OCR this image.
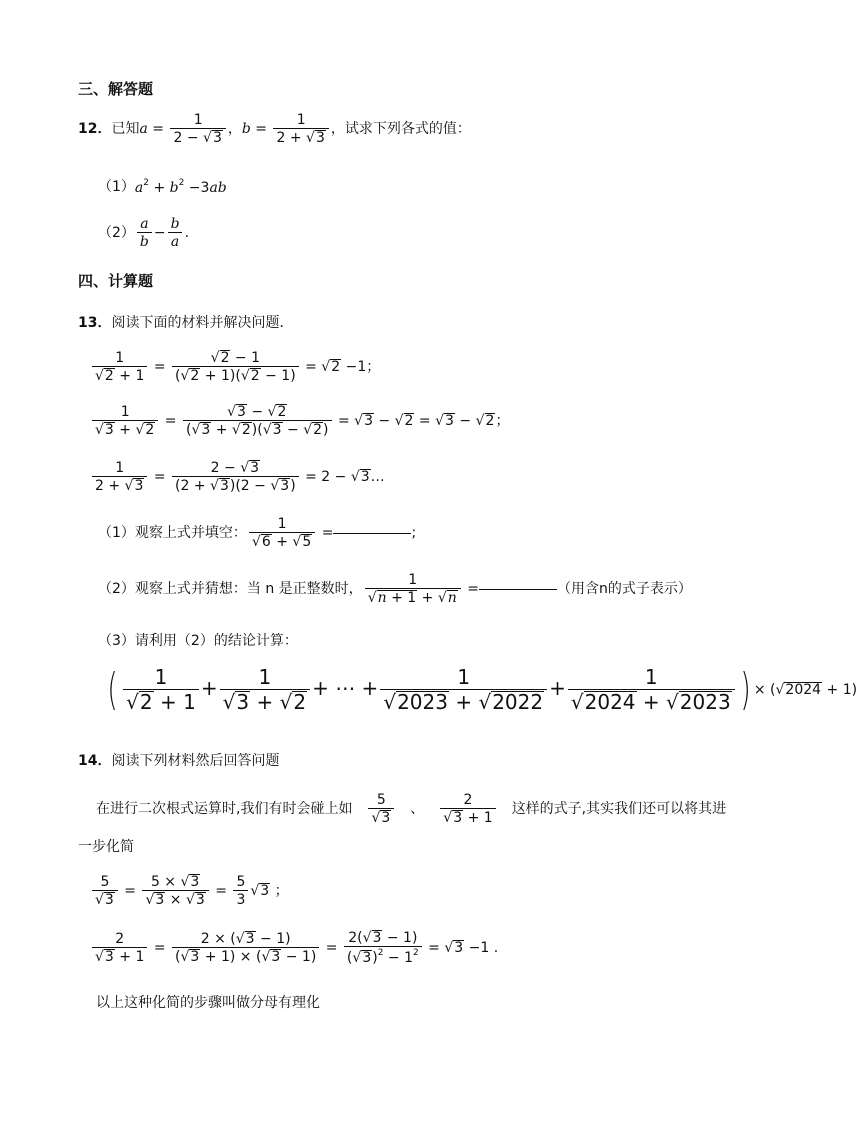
三、解答题
12．已知$a = \frac{1}{2 - √3}$ ，$b = \frac{1}{2 + √3}$ ，试求下列各式的值：
$(1)a^2 + b^2 -3ab$
$(2) \frac{a}{b} - \frac{b}{a}$ .
四、计算题
13．阅读下面的材料并解决问题．
$\frac{1}{√2 + 1} = \frac{√2 - 1}{(√2 + 1)(√2 - 1)} = √2 -1$；
$\frac{1}{√3 + √2} = \frac{√3 - √2}{(√3 + √2)(√3 - √2)} = √3 - √2 = √3 - √2$；
$\frac{1}{2 + √3} = \frac{2 - √3}{(2 + √3)(2 - √3)} = 2$ − √3…
（1）观察上式并填空： $\frac{1}{√6 + √5}$ =	;
（2）观察上式并猜想：当 n 是正整数时， $\frac{1}{√n + 1 + √n}$ =	（用含n的式子表示）
（3）请利用（2）的结论计算：
( $\frac{1}{√2 + 1} + \frac{1}{√3 + √2}$ + ⋯ + $\frac{1}{√2023 + √2022} + \frac{1}{√2024 + √2023}$ ) × (√2024 + 1)
14．阅读下列材料然后回答问题
在进行二次根式运算时,我们有时会碰上如 $\frac{5}{√3}$ 、 $\frac{2}{√3 + 1}$ 这样的式子,其实我们还可以将其进
一步化简
$\frac{5}{√3} = \frac{5 \times √3}{√3 \times √3} = \frac{5}{3} √3$ ；
$\frac{2}{√3 + 1} = \frac{2 \times (√3 - 1)}{(√3 + 1) \times (√3 - 1)} = \frac{2(√3 - 1)}{(√3)^2 - 1^2} = √3 -1$ .
以上这种化简的步骤叫做分母有理化
